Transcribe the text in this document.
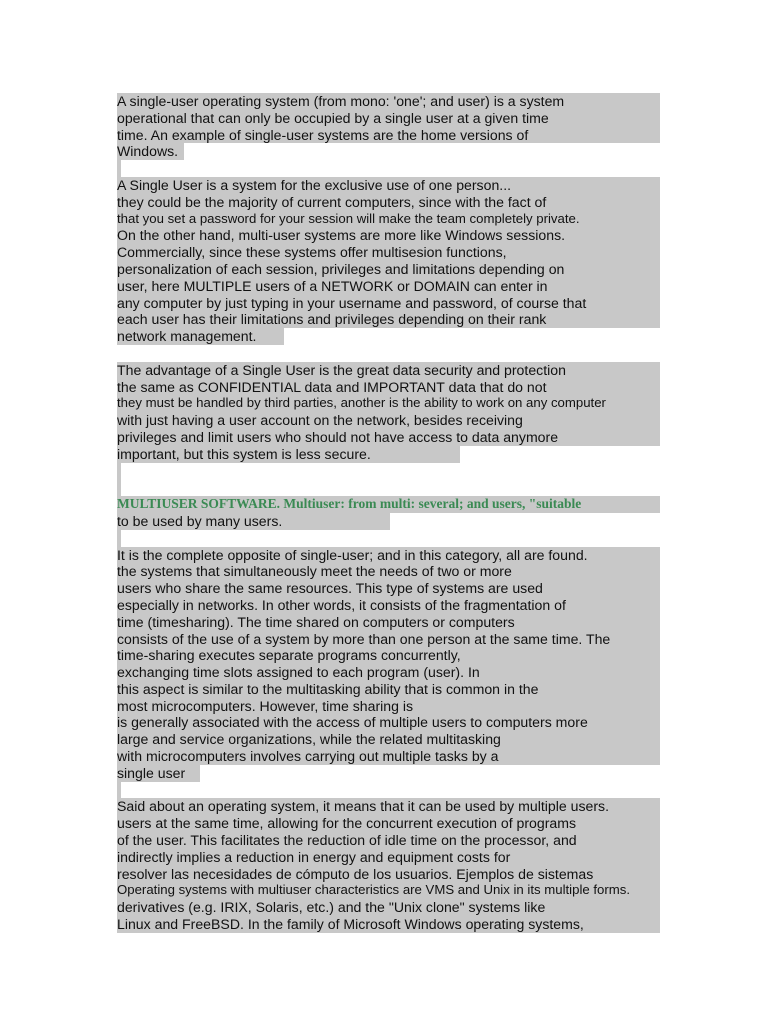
A single-user operating system (from mono: 'one'; and user) is a system
operational that can only be occupied by a single user at a given time
time. An example of single-user systems are the home versions of
Windows.
A Single User is a system for the exclusive use of one person...
they could be the majority of current computers, since with the fact of
that you set a password for your session will make the team completely private.
On the other hand, multi-user systems are more like Windows sessions.
Commercially, since these systems offer multisesion functions,
personalization of each session, privileges and limitations depending on
user, here MULTIPLE users of a NETWORK or DOMAIN can enter in
any computer by just typing in your username and password, of course that
each user has their limitations and privileges depending on their rank
network management.
The advantage of a Single User is the great data security and protection
the same as CONFIDENTIAL data and IMPORTANT data that do not
they must be handled by third parties, another is the ability to work on any computer
with just having a user account on the network, besides receiving
privileges and limit users who should not have access to data anymore
important, but this system is less secure.
MULTIUSER SOFTWARE. Multiuser: from multi: several; and users, "suitable
to be used by many users.
It is the complete opposite of single-user; and in this category, all are found.
the systems that simultaneously meet the needs of two or more
users who share the same resources. This type of systems are used
especially in networks. In other words, it consists of the fragmentation of
time (timesharing). The time shared on computers or computers
consists of the use of a system by more than one person at the same time. The
time-sharing executes separate programs concurrently,
exchanging time slots assigned to each program (user). In
this aspect is similar to the multitasking ability that is common in the
most microcomputers. However, time sharing is
is generally associated with the access of multiple users to computers more
large and service organizations, while the related multitasking
with microcomputers involves carrying out multiple tasks by a
single user
Said about an operating system, it means that it can be used by multiple users.
users at the same time, allowing for the concurrent execution of programs
of the user. This facilitates the reduction of idle time on the processor, and
indirectly implies a reduction in energy and equipment costs for
resolver las necesidades de cómputo de los usuarios. Ejemplos de sistemas
Operating systems with multiuser characteristics are VMS and Unix in its multiple forms.
derivatives (e.g. IRIX, Solaris, etc.) and the "Unix clone" systems like
Linux and FreeBSD. In the family of Microsoft Windows operating systems,
